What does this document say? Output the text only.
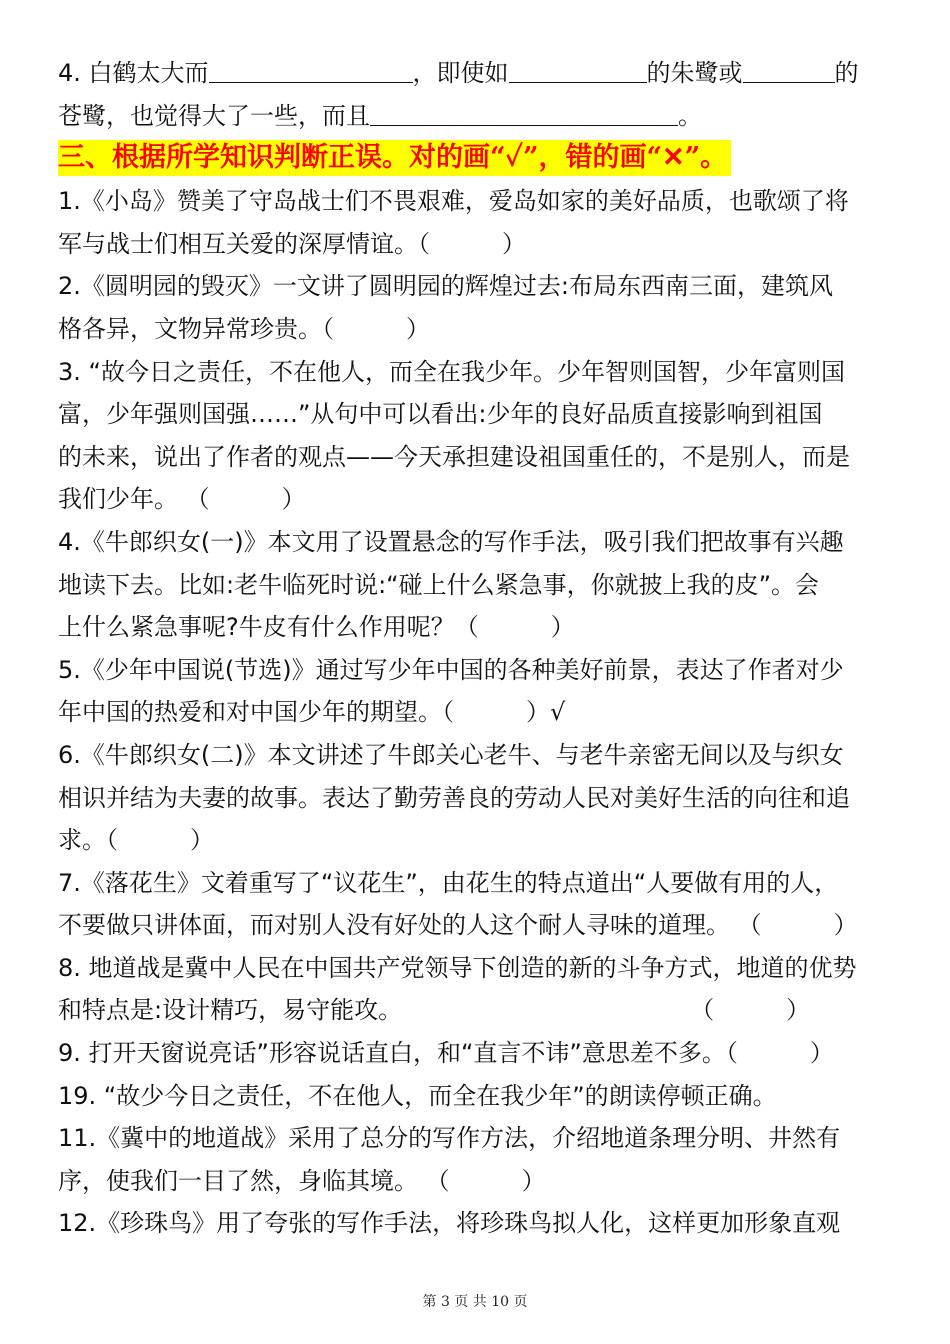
4. 白鹤太大而	，即使如	的朱鹭或	的
苍鹭，也觉得大了一些，而且	。
三、根据所学知识判断正误。对的画“✓”，错的画“✕”。
1.《小岛》赞美了守岛战士们不畏艰难，爱岛如家的美好品质，也歌颂了将
军与战士们相互关爱的深厚情谊。（　　　）
2.《圆明园的毁灭》一文讲了圆明园的辉煌过去:布局东西南三面，建筑风
格各异，文物异常珍贵。（　　　）
3. “故今日之责任，不在他人，而全在我少年。少年智则国智，少年富则国
富，少年强则国强……”从句中可以看出:少年的良好品质直接影响到祖国
的未来，说出了作者的观点——今天承担建设祖国重任的，不是别人，而是
我们少年。 （　　　）
4.《牛郎织女(一)》本文用了设置悬念的写作手法，吸引我们把故事有兴趣
地读下去。比如:老牛临死时说:“碰上什么紧急事，你就披上我的皮”。会
上什么紧急事呢?牛皮有什么作用呢？（　　　）
5.《少年中国说(节选)》通过写少年中国的各种美好前景，表达了作者对少
年中国的热爱和对中国少年的期望。（　　　）√
6.《牛郎织女(二)》本文讲述了牛郎关心老牛、与老牛亲密无间以及与织女
相识并结为夫妻的故事。表达了勤劳善良的劳动人民对美好生活的向往和追
求。（　　　）
7.《落花生》文着重写了“议花生”，由花生的特点道出“人要做有用的人，
不要做只讲体面，而对别人没有好处的人这个耐人寻味的道理。 （　　　）
8. 地道战是冀中人民在中国共产党领导下创造的新的斗争方式，地道的优势
和特点是:设计精巧，易守能攻。　　　　　　　　　　　　　（　　　）
9. 打开天窗说亮话”形容说话直白，和“直言不讳”意思差不多。（　　　）
19. “故少今日之责任，不在他人，而全在我少年”的朗读停顿正确。
11.《冀中的地道战》采用了总分的写作方法，介绍地道条理分明、井然有
序，使我们一目了然，身临其境。 （　　　）
12.《珍珠鸟》用了夸张的写作手法，将珍珠鸟拟人化，这样更加形象直观
第 3 页 共 10 页
